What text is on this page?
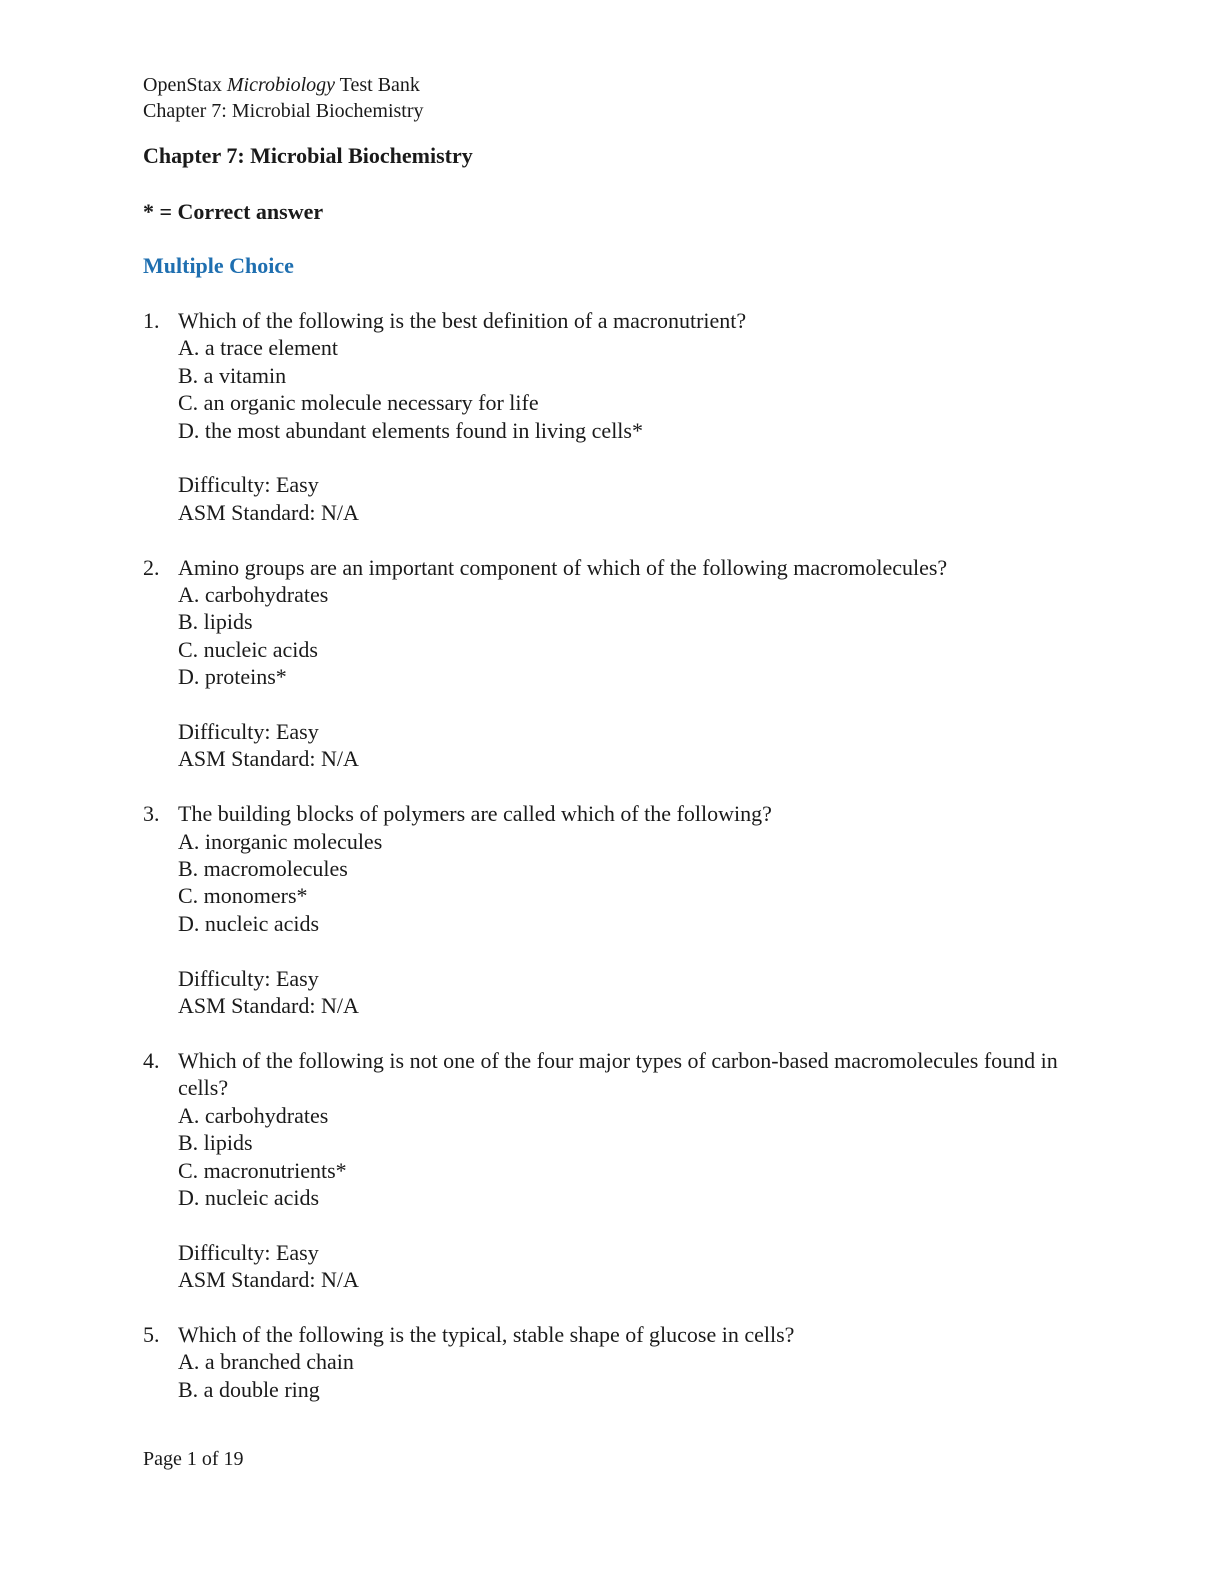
OpenStax Microbiology Test Bank
Chapter 7: Microbial Biochemistry
Chapter 7: Microbial Biochemistry
* = Correct answer
Multiple Choice
1. Which of the following is the best definition of a macronutrient?
A. a trace element
B. a vitamin
C. an organic molecule necessary for life
D. the most abundant elements found in living cells*
Difficulty: Easy
ASM Standard: N/A
2. Amino groups are an important component of which of the following macromolecules?
A. carbohydrates
B. lipids
C. nucleic acids
D. proteins*
Difficulty: Easy
ASM Standard: N/A
3. The building blocks of polymers are called which of the following?
A. inorganic molecules
B. macromolecules
C. monomers*
D. nucleic acids
Difficulty: Easy
ASM Standard: N/A
4. Which of the following is not one of the four major types of carbon-based macromolecules found in cells?
A. carbohydrates
B. lipids
C. macronutrients*
D. nucleic acids
Difficulty: Easy
ASM Standard: N/A
5. Which of the following is the typical, stable shape of glucose in cells?
A. a branched chain
B. a double ring
Page 1 of 19
